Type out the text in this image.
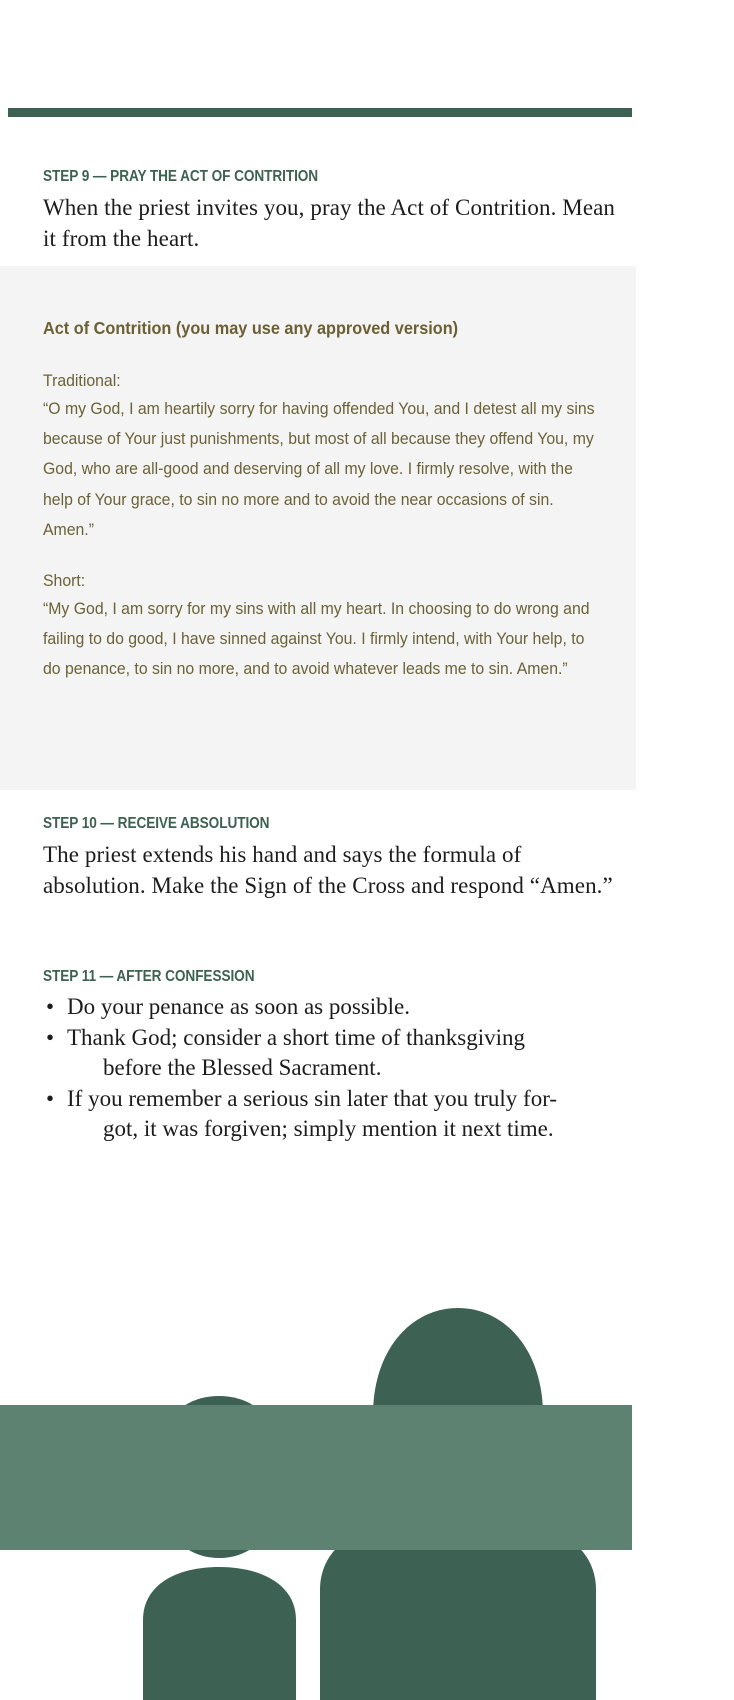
STEP 9 — PRAY THE ACT OF CONTRITION
When the priest invites you, pray the Act of Contrition. Mean it from the heart.
Act of Contrition (you may use any approved version)
Traditional:
“O my God, I am heartily sorry for having offended You, and I detest all my sins because of Your just punishments, but most of all because they offend You, my God, who are all-good and deserving of all my love. I firmly resolve, with the help of Your grace, to sin no more and to avoid the near occasions of sin. Amen.”
Short:
“My God, I am sorry for my sins with all my heart. In choosing to do wrong and failing to do good, I have sinned against You. I firmly intend, with Your help, to do penance, to sin no more, and to avoid whatever leads me to sin. Amen.”
STEP 10 — RECEIVE ABSOLUTION
The priest extends his hand and says the formula of absolution. Make the Sign of the Cross and respond “Amen.”
STEP 11 — AFTER CONFESSION
• Do your penance as soon as possible.
• Thank God; consider a short time of thanksgiving
before the Blessed Sacrament.
• If you remember a serious sin later that you truly for-
got, it was forgiven; simply mention it next time.
